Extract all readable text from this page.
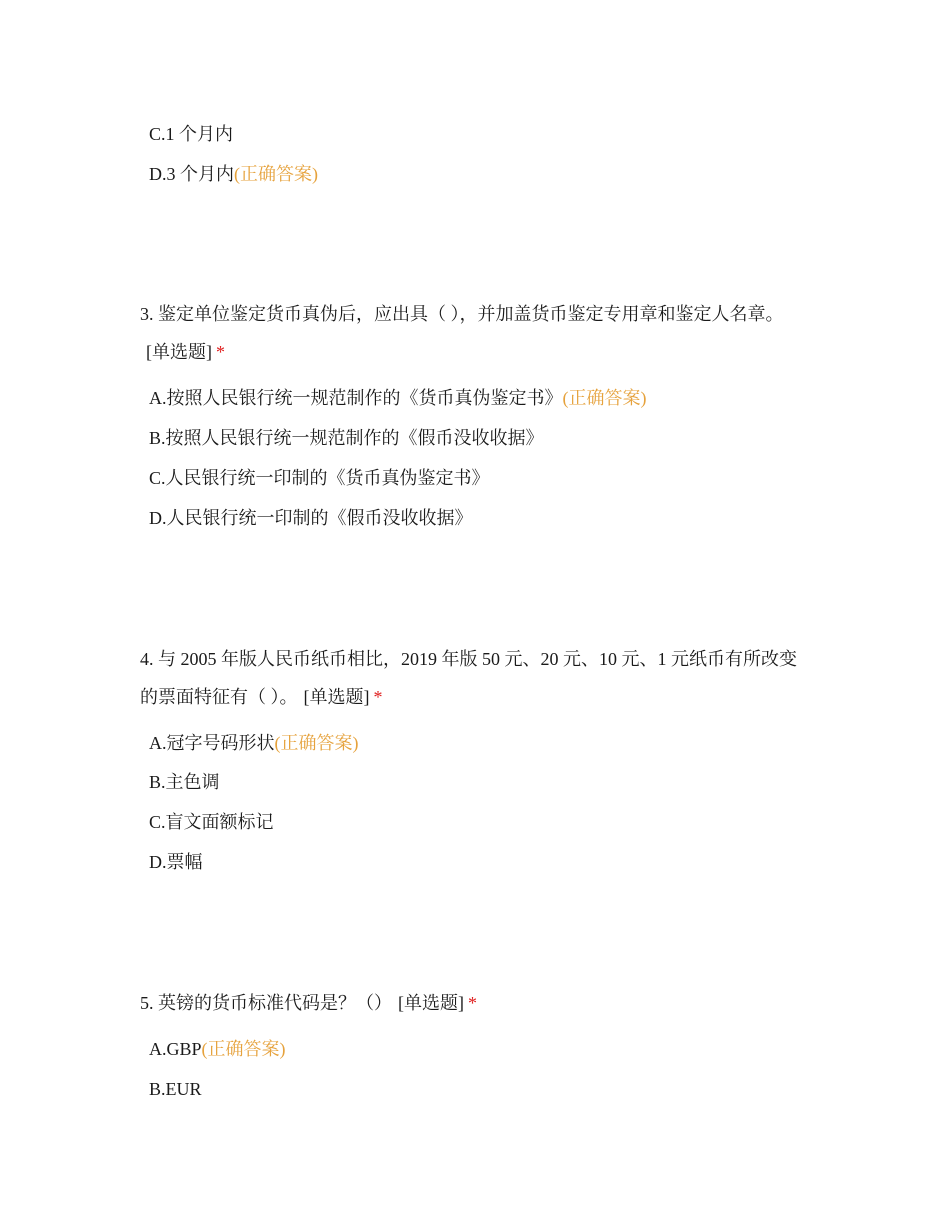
C.1 个月内
D.3 个月内(正确答案)
3. 鉴定单位鉴定货币真伪后，应出具（ ），并加盖货币鉴定专用章和鉴定人名章。[单选题] *
A.按照人民银行统一规范制作的《货币真伪鉴定书》(正确答案)
B.按照人民银行统一规范制作的《假币没收收据》
C.人民银行统一印制的《货币真伪鉴定书》
D.人民银行统一印制的《假币没收收据》
4. 与 2005 年版人民币纸币相比，2019 年版 50 元、20 元、10 元、1 元纸币有所改变的票面特征有（ ）。 [单选题] *
A.冠字号码形状(正确答案)
B.主色调
C.盲文面额标记
D.票幅
5. 英镑的货币标准代码是？（） [单选题] *
A.GBP(正确答案)
B.EUR
